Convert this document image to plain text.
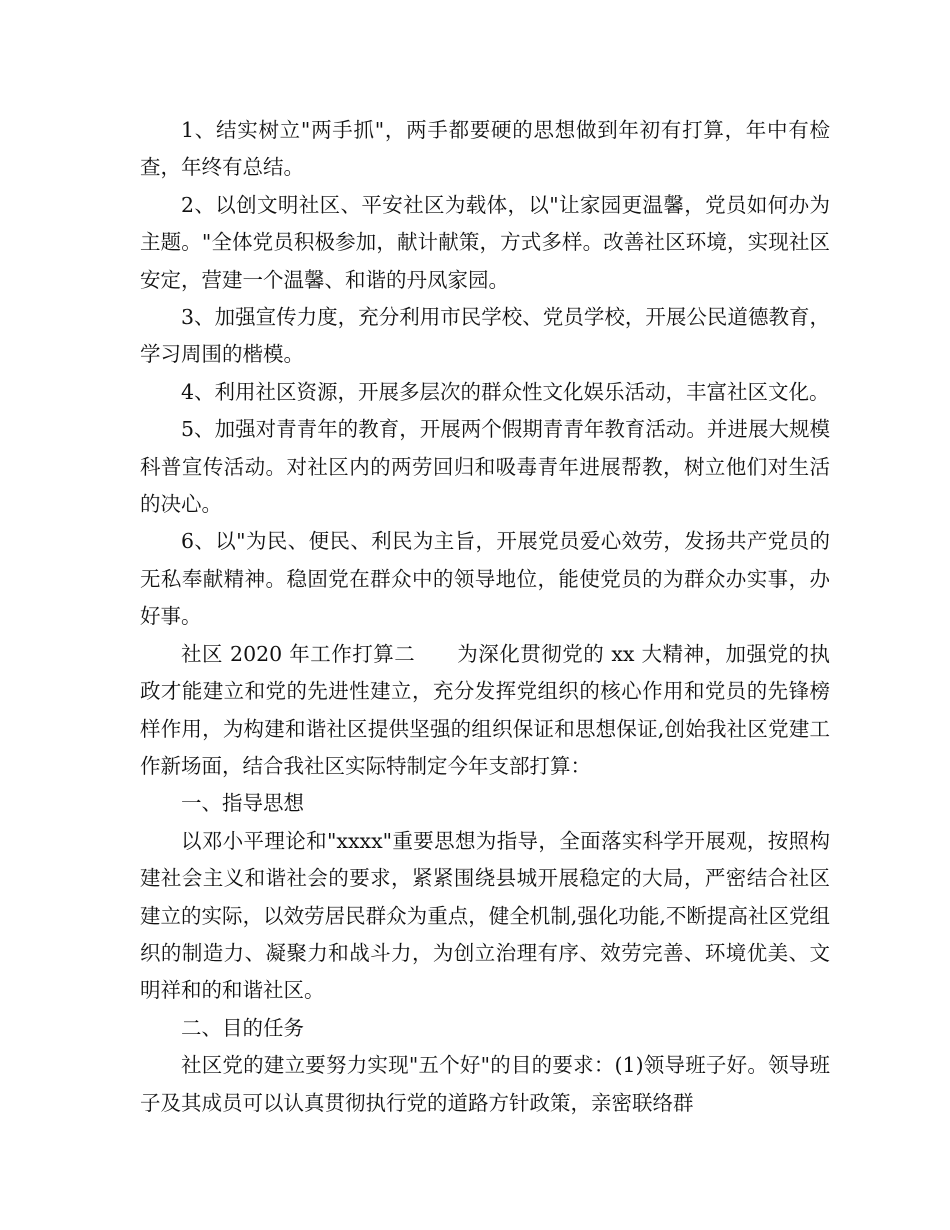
1、结实树立"两手抓"，两手都要硬的思想做到年初有打算，年中有检查，年终有总结。

2、以创文明社区、平安社区为载体，以"让家园更温馨，党员如何办为主题。"全体党员积极参加，献计献策，方式多样。改善社区环境，实现社区安定，营建一个温馨、和谐的丹凤家园。

3、加强宣传力度，充分利用市民学校、党员学校，开展公民道德教育，学习周围的楷模。

4、利用社区资源，开展多层次的群众性文化娱乐活动，丰富社区文化。

5、加强对青青年的教育，开展两个假期青青年教育活动。并进展大规模科普宣传活动。对社区内的两劳回归和吸毒青年进展帮教，树立他们对生活的决心。

6、以"为民、便民、利民为主旨，开展党员爱心效劳，发扬共产党员的无私奉献精神。稳固党在群众中的领导地位，能使党员的为群众办实事，办好事。

社区 2020 年工作打算二　　为深化贯彻党的 xx 大精神，加强党的执政才能建立和党的先进性建立，充分发挥党组织的核心作用和党员的先锋榜样作用，为构建和谐社区提供坚强的组织保证和思想保证,创始我社区党建工作新场面，结合我社区实际特制定今年支部打算：

一、指导思想

以邓小平理论和"xxxx"重要思想为指导，全面落实科学开展观，按照构建社会主义和谐社会的要求，紧紧围绕县城开展稳定的大局，严密结合社区建立的实际，以效劳居民群众为重点，健全机制,强化功能,不断提高社区党组织的制造力、凝聚力和战斗力，为创立治理有序、效劳完善、环境优美、文明祥和的和谐社区。

二、目的任务

社区党的建立要努力实现"五个好"的目的要求：(1)领导班子好。领导班子及其成员可以认真贯彻执行党的道路方针政策，亲密联络群
